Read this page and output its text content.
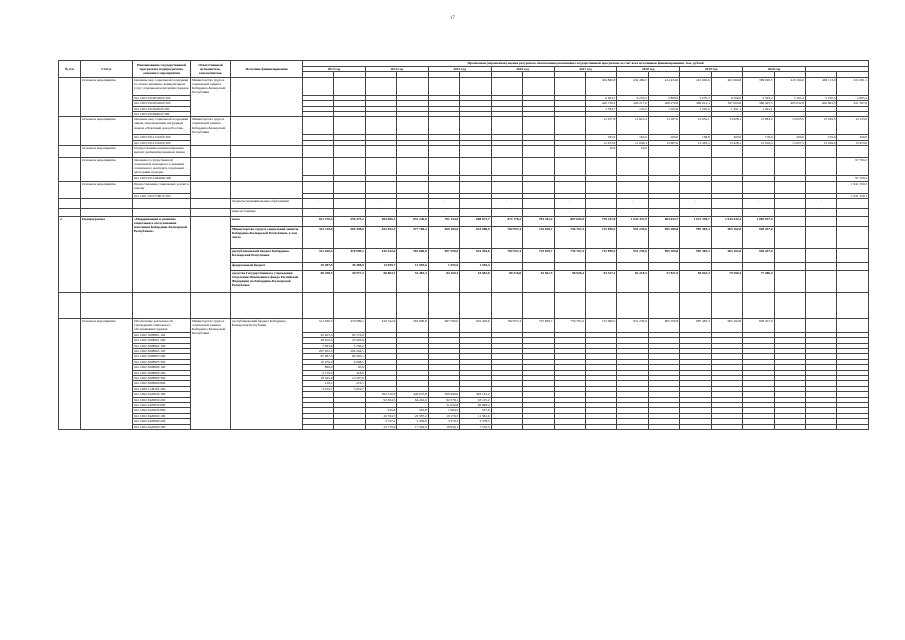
17
№ п/п	Статус	Наименование государственной программы, подпрограммы, основного мероприятия	Ответственный исполнитель, соисполнитель	Источник финансирования	Прогнозная (справочная) оценка ресурсного обеспечения реализации государственной программы за счет всех источников финансирования, тыс. рублей																	
					2013 год		2014 год		2015 год		2016 год		2017 год		2018 год		2019 год		2020 год			

	Основное мероприятие	Оказание мер социальной поддержки по оплате жилищно-коммунальных услуг отдельным категориям граждан	Министерство труда и социальной защиты Кабардино-Балкарской Республики											434 860,8	432 480,2	414 434,9	412 602,6	401 964,8	399 020,3	410 194,0	400 113,0	321 081,1
		941 1003 0310052000 200												6 404,7	6 233,2	5 800,0	5 070,3	6 500,0	5 595,2	5 161,2	5 150,5	4 605,4
		941 1003 0310052000 300												426 759,3	426 217,0	408 270,8	406 012,3	397 004,8	386 425,5	405 032,8	402 963,3	321 367,0
		941 1003 0310R4620 200												1 784,7	170,2	1 205,0	1 205,0	1 491,1	1 491,1	-	-	-
		941 1003 0310R4620 300												-	-	-	-	-	-	-	-	-
	Основное мероприятие	Оказание мер социальной поддержки лицам, награжденным нагрудным знаком «Почетный донор России»	Министерство труда и социальной защиты Кабардино-Балкарской Республики											12 257,6	12 810,4	13 167,0	12 632,1	13 628,1	13 083,2	13 655,5	13 329,5	14 123,0
		941 1003 0312152200 200												185,0	162,0	200,0	168,8	200,0	178,0	200,0	159,6	200,0
		941 1003 0312152200 300												12 072,6	11 046,3	12 967,0	12 463,3	13 428,1	12 916,4	13 657,5	13 169,9	13 923,0
	Основное мероприятие	Осуществление компенсационных выплат реабилитированным лицам												10,0	10,0	-	-	-	-	-	-	-
	Основное мероприятие	Оказание государственной социальной помощи на основании социального контракта отдельным категориям граждан																				97 700,2
		941 1003 03121R4040 200																				97 700,2
	Основное мероприятие	Предоставление социальных доплат к пенсии																				1 941 330,3
		941 1001 0310778070 300																				1 941 330,3
				бюджеты муниципальных образований	-		-		-		-		-		-		-		-		-	
				иные источники	-		-		-		-		-		-		-		-		-	
2	Подпрограмма	«Модернизация и развитие социального обслуживания населения Кабардино-Балкарской Республики»		всего	611 376,3	559 475,2	693 066,1	631 249,8	701 134,0	688 672,7	872 176,2	781 391,2	887 693,8	778 417,6	1 032 437,9	963 022,7	1 072 326,7	1 044 432,2	1 005 937,4			
				Министерство труда и социальной защиты Кабардино-Балкарской Республики, в том числе	551 110,0	509 498,0	634 592,3	577 766,4	699 185,6	634 088,9	782 957,4	725 829,7	750 767,4	715 090,5	951 239,6	905 200,8	987 483,3	965 162,8	928 457,0			
				республиканский бюджет Кабардино-Балкарской Республики	511 630,5	470 089,1	610 542,6	563 806,8	697 590,0	632 494,6	782 957,4	725 829,7	750 767,4	715 090,5	951 239,6	905 200,8	987 483,3	965 162,8	928 457,0			
				федеральный бюджет	39 487,5	39 408,9	13 959,7	13 959,6	1 595,6	1 594,3												
				средства Государственного учреждения Отделения Пенсионного фонда Российской Федерации по Кабардино-Балкарской Республике	60 258,3	49 977,2	60 863,7	53 483,4	82 160,2	54 583,8	89 218,8	55 561,5	98 926,4	63 327,1	81 218,3	57 821,9	84 843,4	79 290,4	77 480,4			

	Основное мероприятие	Обеспечение деятельности учреждений социального обслуживания граждан	Министерство труда и социальной защиты Кабардино-Балкарской Республики	республиканский бюджет Кабардино-Балкарской Республики	511 630,5	470 089,1	610 542,6	563 806,8	697 590,0	632 494,6	782 957,4	725 829,7	750 767,4	715 090,5	951 239,6	905 200,8	987 483,3	965 162,8	928 457,0			
		941 1002 5008901 100			92 403,3	90 719,0																
		941 1002 5008901 200			28 810,4	25 403,9																
		941 1002 5008902 100			7 093,6	5 766,2																
		941 1002 5008903 100			207 652,3	204 264,5																
		941 1002 5008903 200			87 987,3	80 263,1																
		941 1002 5008903 300			10 470,0	4 068,5																
		941 1002 5008909 100			806,0	65,9																
		941 1002 5008909 200			4 719,0	418,9																
		941 1002 5008909 300			18 645,0	10 297,9																
		941 1002 5008909 800			219,1	219,1																
		941 1006 5148192 200			3 919,7	3 919,7																
		941 1002 0420059 100					493 310,9	440 037,8	509 996,6	493 161,2												
		941 1002 0420059 200					93 364,5	64 244,9	92 578,1	63 115,2												
		941 1002 0420059 600							51 042,8	49 698,4												
		941 1002 0420059 800					545,8	545,8	1 084,5	527,9												
		941 1002 0420060 100					20 764,7	20 387,2	19 176,3	11 362,6												
		941 1002 0420060 200					5 747,2	3 459,8	3 279,2	3 378,5												
		941 1002 0420060 300					23 779,6	17 549,9	18 956,1	7 510,3												
